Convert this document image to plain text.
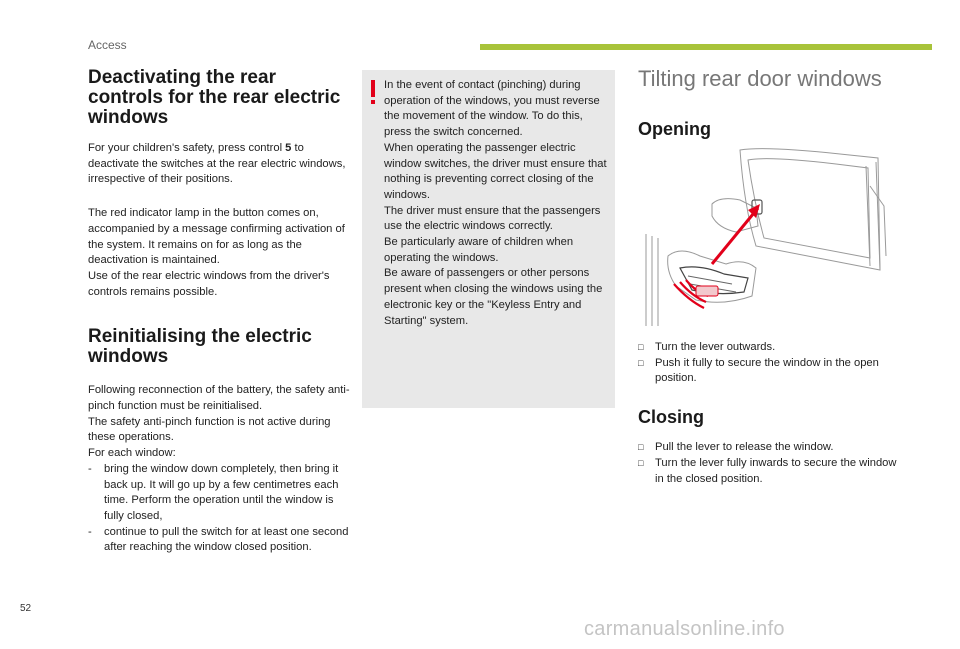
Access
Deactivating the rear controls for the rear electric windows

For your children's safety, press control 5 to deactivate the switches at the rear electric windows, irrespective of their positions.

The red indicator lamp in the button comes on, accompanied by a message confirming activation of the system. It remains on for as long as the deactivation is maintained.

Use of the rear electric windows from the driver's controls remains possible.

Reinitialising the electric windows

Following reconnection of the battery, the safety anti-pinch function must be reinitialised.

The safety anti-pinch function is not active during these operations.

For each window:

- bring the window down completely, then bring it back up. It will go up by a few centimetres each time. Perform the operation until the window is fully closed,

- continue to pull the switch for at least one second after reaching the window closed position.

In the event of contact (pinching) during operation of the windows, you must reverse the movement of the window. To do this, press the switch concerned.

When operating the passenger electric window switches, the driver must ensure that nothing is preventing correct closing of the windows.

The driver must ensure that the passengers use the electric windows correctly.

Be particularly aware of children when operating the windows.

Be aware of passengers or other persons present when closing the windows using the electronic key or the "Keyless Entry and Starting" system.

Tilting rear door windows
Opening

□ Turn the lever outwards.

□ Push it fully to secure the window in the open position.

Closing

□ Pull the lever to release the window.

□ Turn the lever fully inwards to secure the window in the closed position.

52
carmanualsonline.info
